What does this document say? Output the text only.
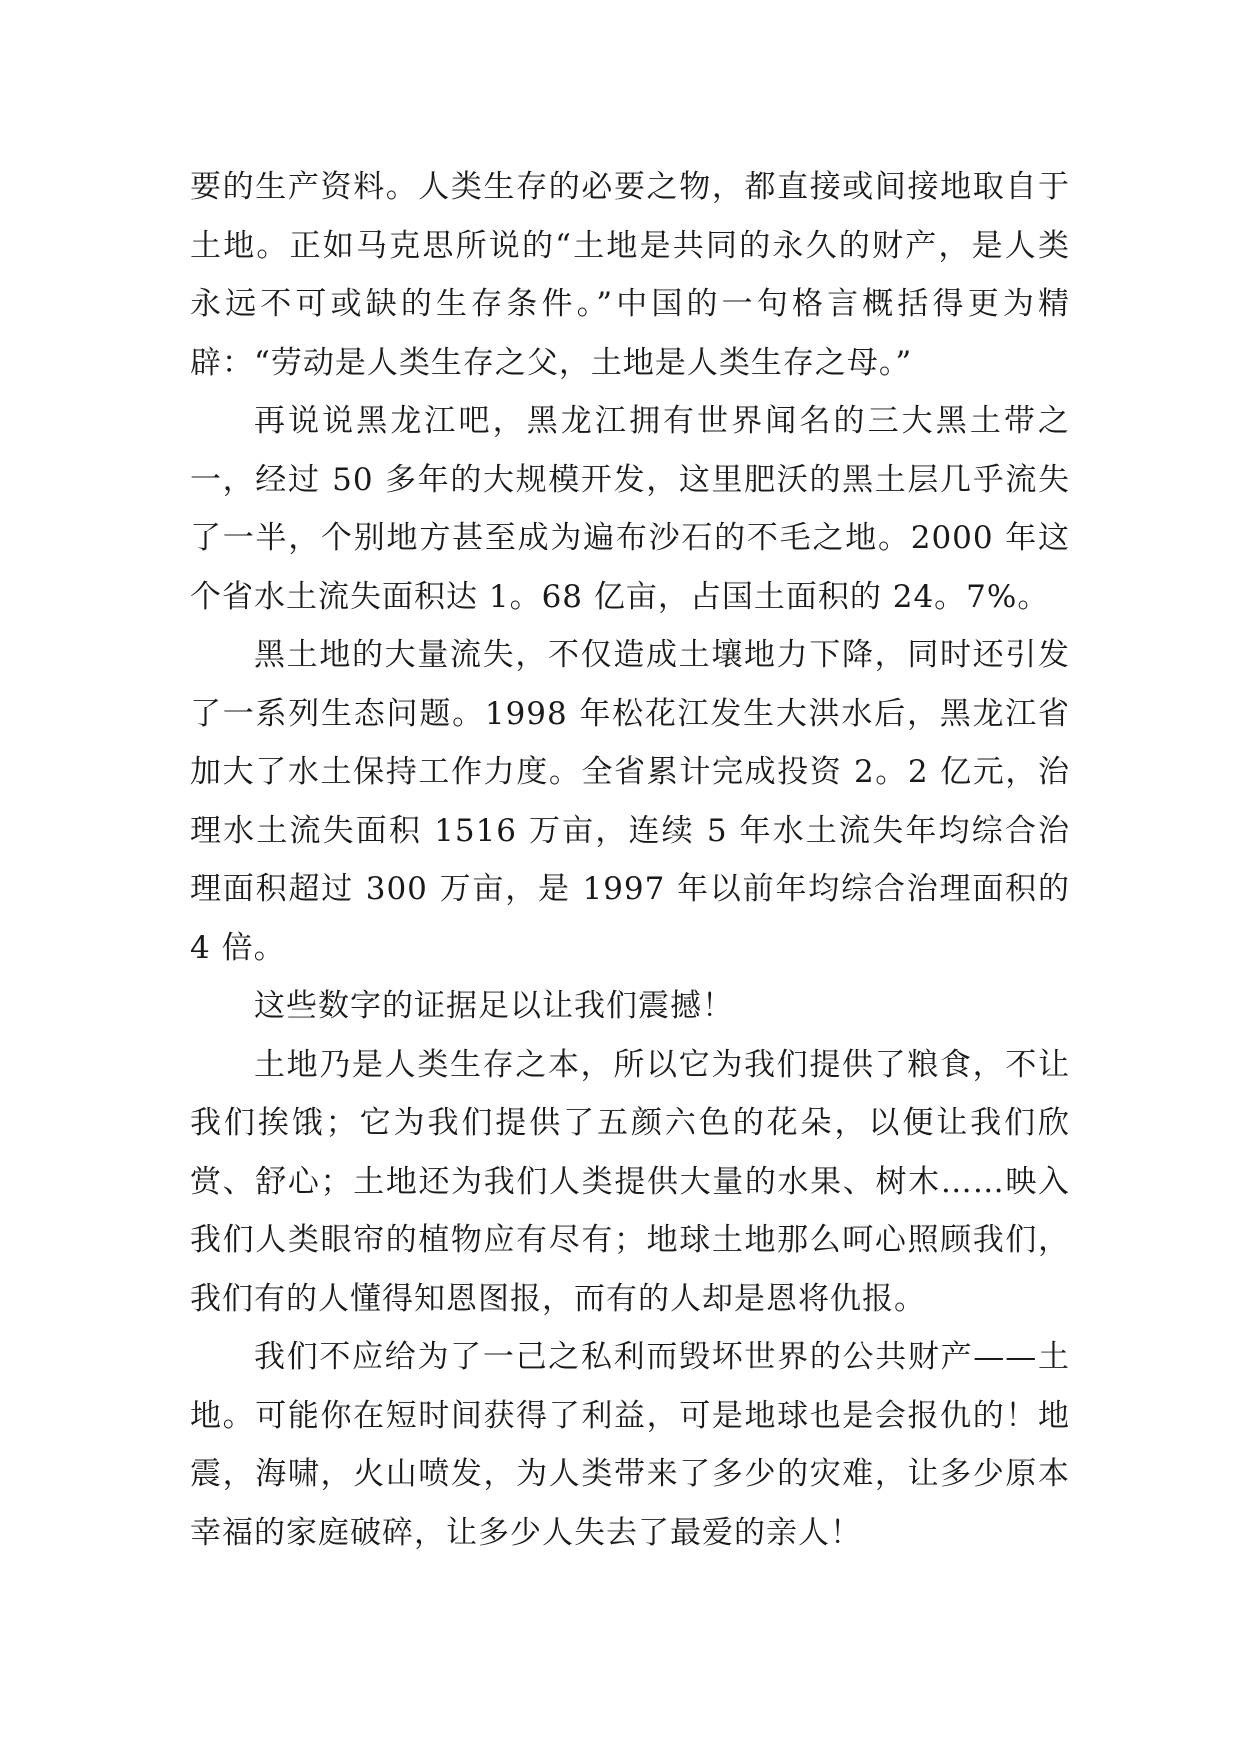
要的生产资料。人类生存的必要之物，都直接或间接地取自于土地。正如马克思所说的“土地是共同的永久的财产，是人类永远不可或缺的生存条件。”中国的一句格言概括得更为精辟：“劳动是人类生存之父，土地是人类生存之母。”

再说说黑龙江吧，黑龙江拥有世界闻名的三大黑土带之一，经过 50 多年的大规模开发，这里肥沃的黑土层几乎流失了一半，个别地方甚至成为遍布沙石的不毛之地。2000 年这个省水土流失面积达 1。68 亿亩，占国土面积的 24。7%。

黑土地的大量流失，不仅造成土壤地力下降，同时还引发了一系列生态问题。1998 年松花江发生大洪水后，黑龙江省加大了水土保持工作力度。全省累计完成投资 2。2 亿元，治理水土流失面积 1516 万亩，连续 5 年水土流失年均综合治理面积超过 300 万亩，是 1997 年以前年均综合治理面积的 4 倍。

这些数字的证据足以让我们震撼！

土地乃是人类生存之本，所以它为我们提供了粮食，不让我们挨饿；它为我们提供了五颜六色的花朵，以便让我们欣赏、舒心；土地还为我们人类提供大量的水果、树木……映入我们人类眼帘的植物应有尽有；地球土地那么呵心照顾我们，我们有的人懂得知恩图报，而有的人却是恩将仇报。

我们不应给为了一己之私利而毁坏世界的公共财产——土地。可能你在短时间获得了利益，可是地球也是会报仇的！地震，海啸，火山喷发，为人类带来了多少的灾难，让多少原本幸福的家庭破碎，让多少人失去了最爱的亲人！
